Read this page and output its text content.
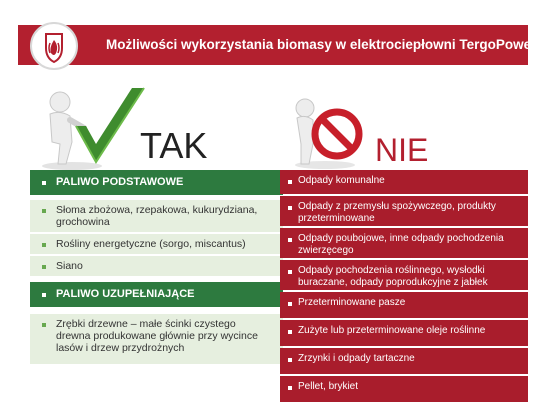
Możliwości wykorzystania biomasy w elektrociepłowni TergoPower
TAK	NIE
PALIWO PODSTAWOWE
Słoma zbożowa, rzepakowa, kukurydziana, grochowina
Rośliny energetyczne (sorgo, miscantus)
Siano
PALIWO UZUPEŁNIAJĄCE
Zrębki drzewne – małe ścinki czystego drewna produkowane głównie przy wycince lasów i drzew przydrożnych
Odpady komunalne
Odpady z przemysłu spożywczego, produkty przeterminowane
Odpady poubojowe, inne odpady pochodzenia zwierzęcego
Odpady pochodzenia roślinnego, wysłodki buraczane, odpady poprodukcyjne z jabłek
Przeterminowane pasze
Zużyte lub przeterminowane oleje roślinne
Zrzynki i odpady tartaczne
Pellet, brykiet
